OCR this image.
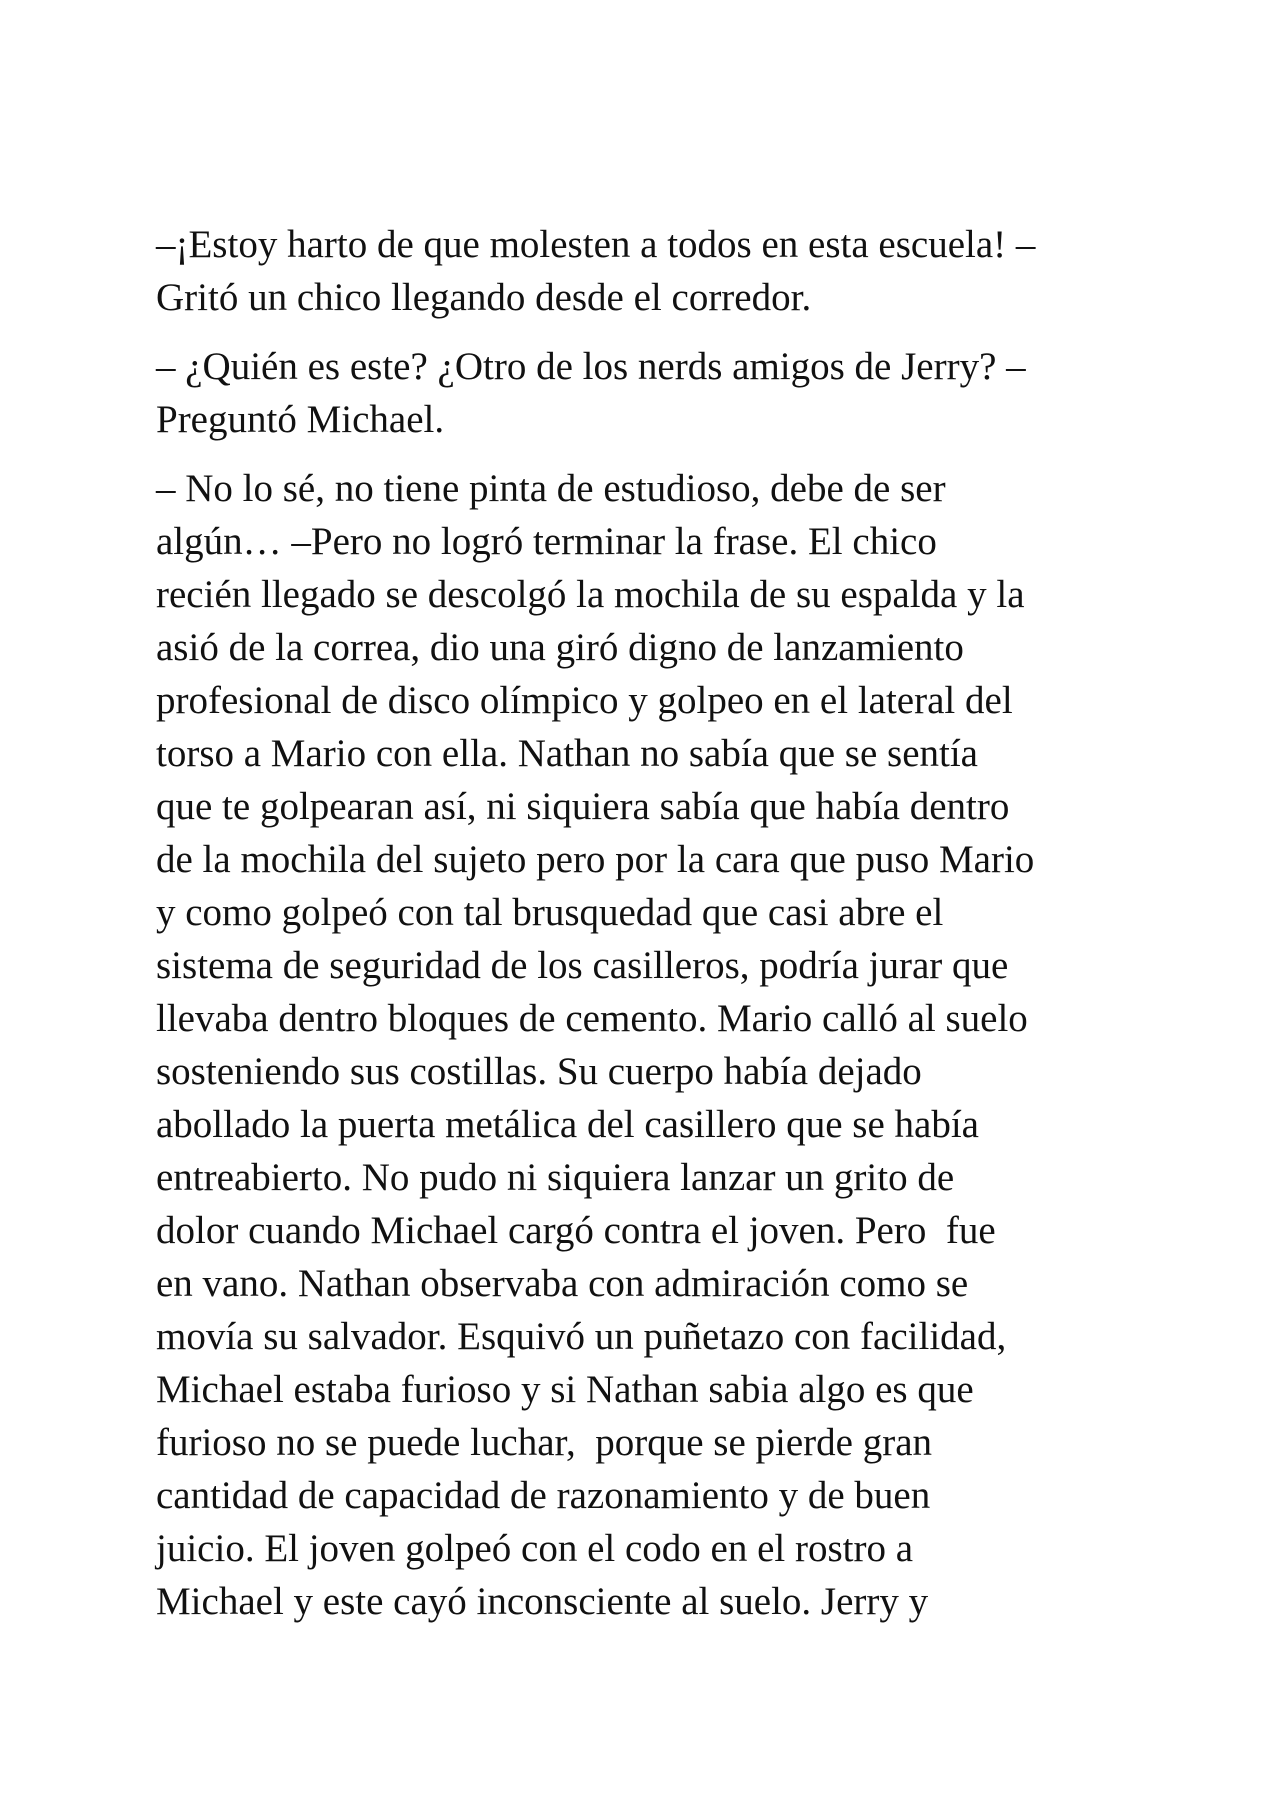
–¡Estoy harto de que molesten a todos en esta escuela! –
Gritó un chico llegando desde el corredor.

– ¿Quién es este? ¿Otro de los nerds amigos de Jerry? –
Preguntó Michael.

– No lo sé, no tiene pinta de estudioso, debe de ser
algún… –Pero no logró terminar la frase. El chico
recién llegado se descolgó la mochila de su espalda y la
asió de la correa, dio una giró digno de lanzamiento
profesional de disco olímpico y golpeo en el lateral del
torso a Mario con ella. Nathan no sabía que se sentía
que te golpearan así, ni siquiera sabía que había dentro
de la mochila del sujeto pero por la cara que puso Mario
y como golpeó con tal brusquedad que casi abre el
sistema de seguridad de los casilleros, podría jurar que
llevaba dentro bloques de cemento. Mario calló al suelo
sosteniendo sus costillas. Su cuerpo había dejado
abollado la puerta metálica del casillero que se había
entreabierto. No pudo ni siquiera lanzar un grito de
dolor cuando Michael cargó contra el joven. Pero  fue
en vano. Nathan observaba con admiración como se
movía su salvador. Esquivó un puñetazo con facilidad,
Michael estaba furioso y si Nathan sabia algo es que
furioso no se puede luchar,  porque se pierde gran
cantidad de capacidad de razonamiento y de buen
juicio. El joven golpeó con el codo en el rostro a
Michael y este cayó inconsciente al suelo. Jerry y
